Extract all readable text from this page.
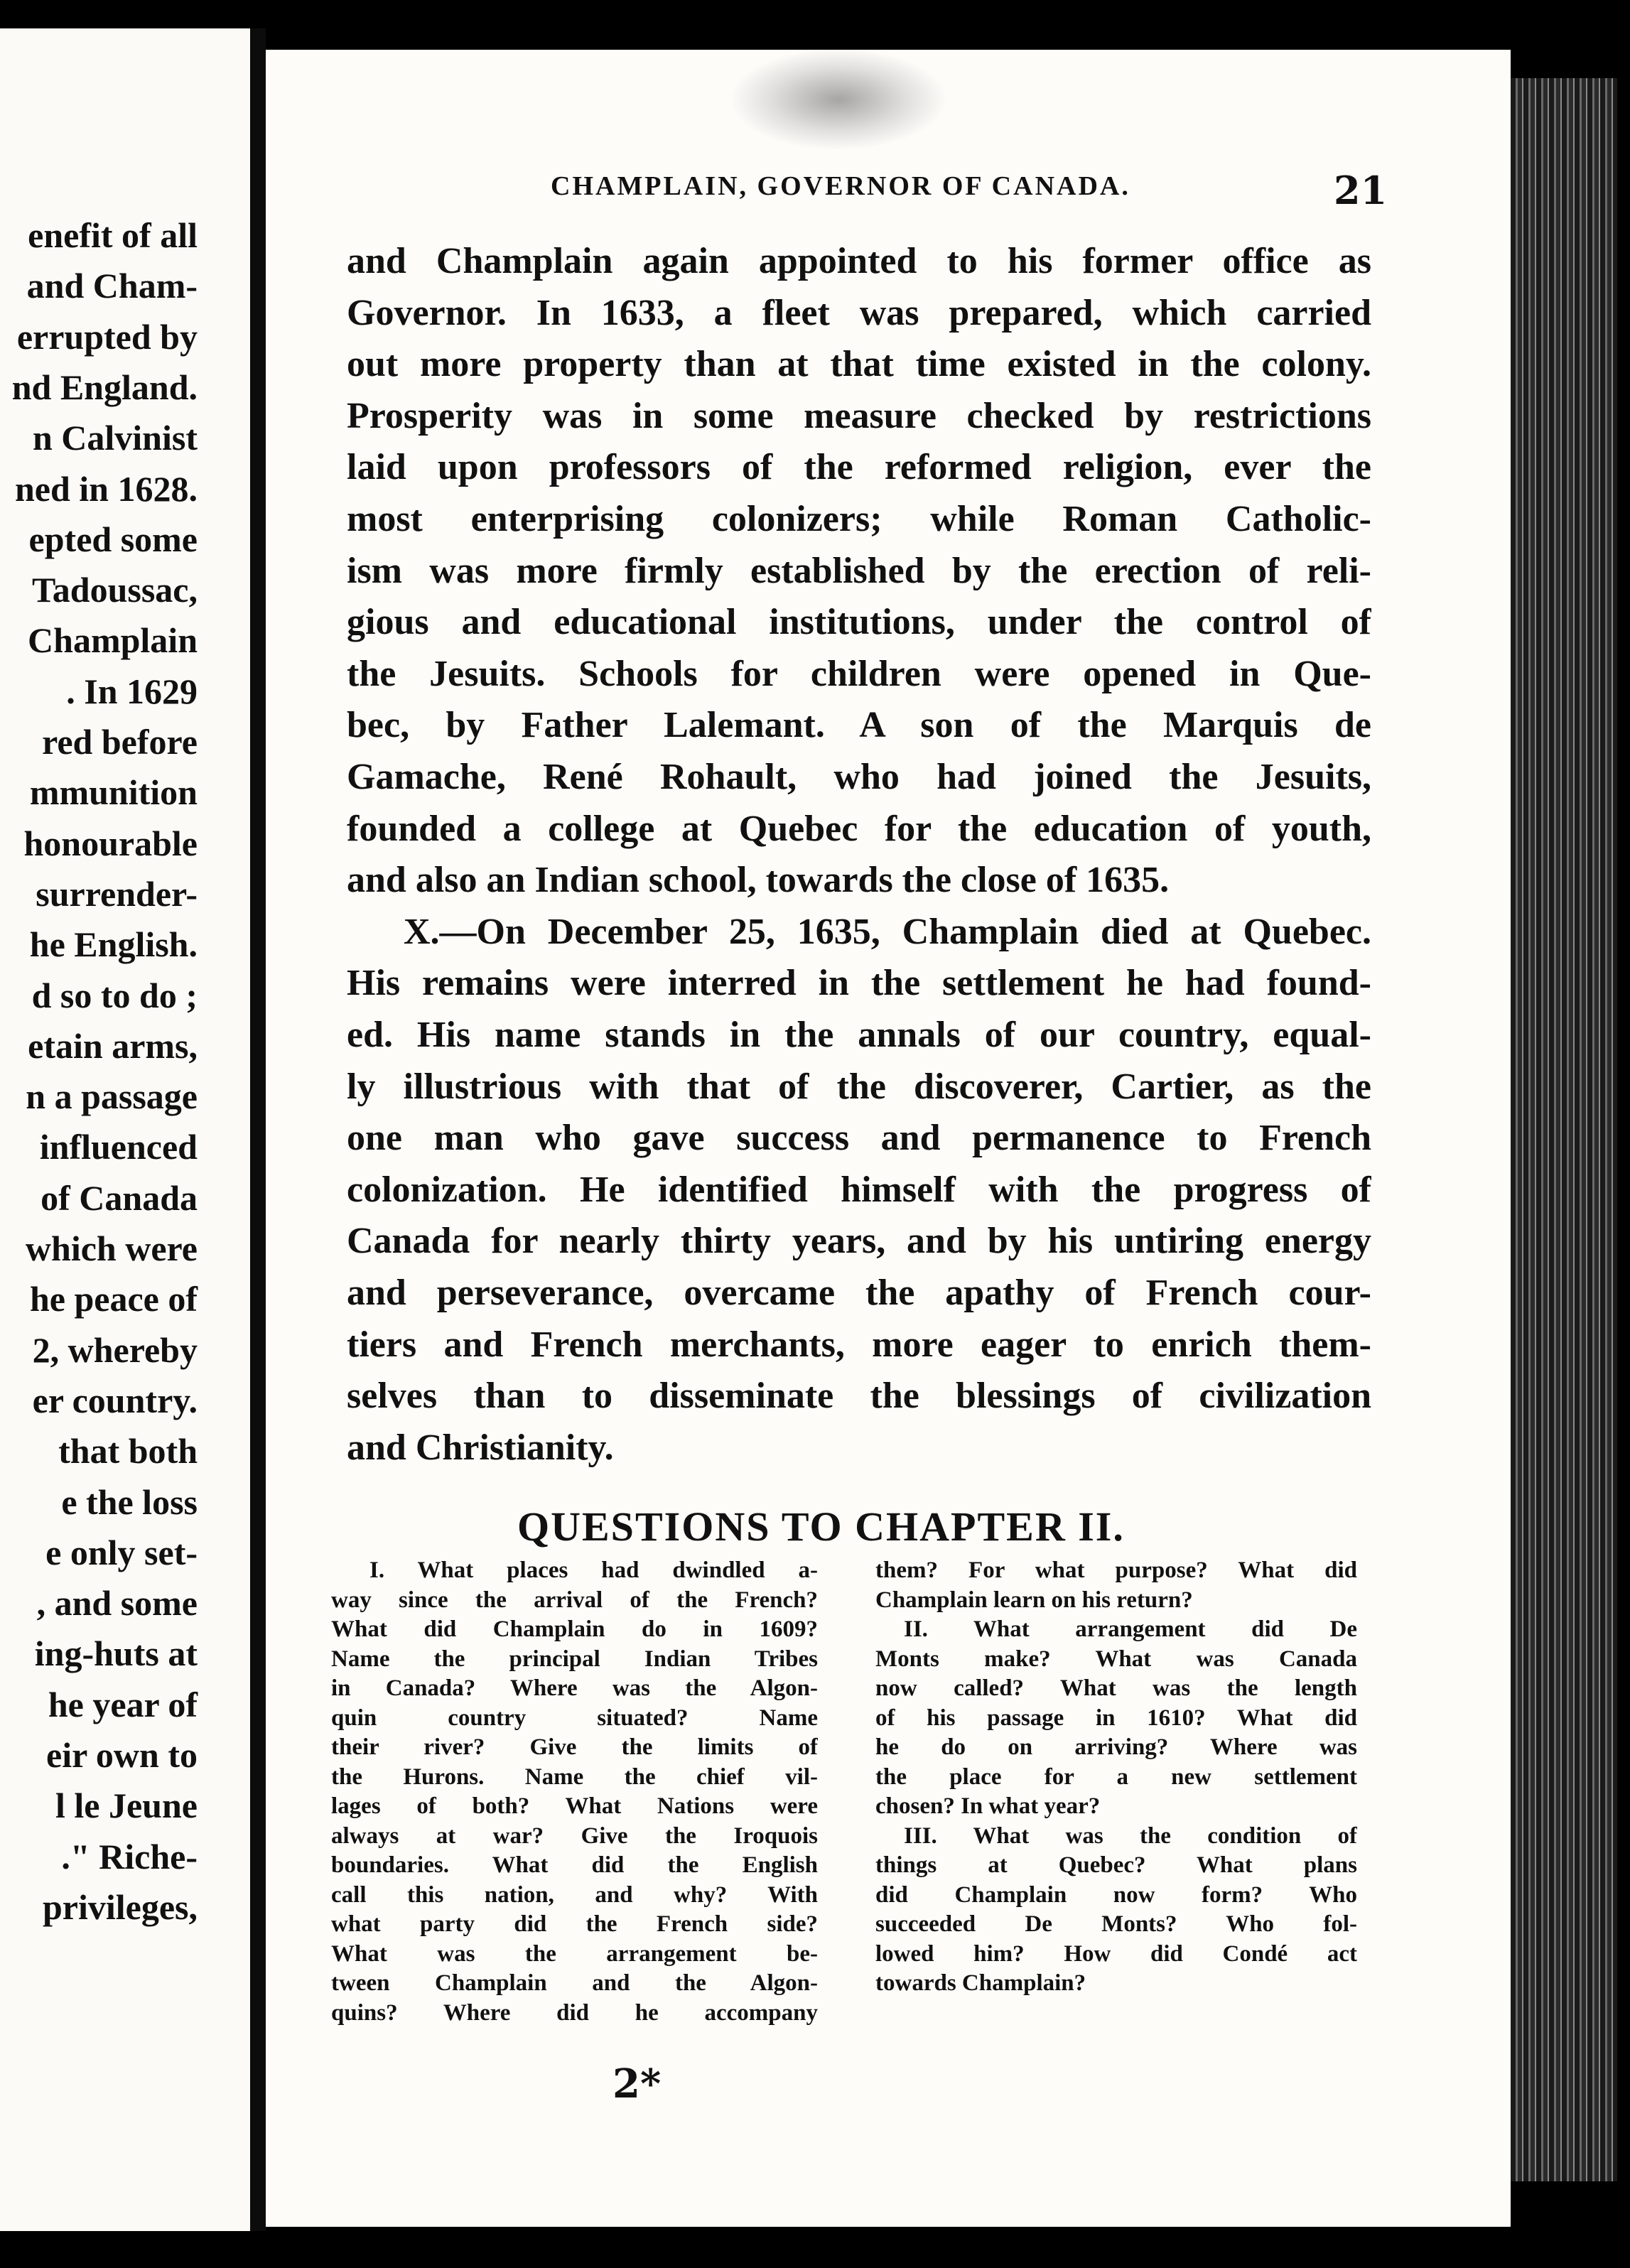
enefit of all
and Cham-
errupted by
nd England.
n Calvinist
ned in 1628.
epted some
Tadoussac,
Champlain
. In 1629
red before
mmunition
honourable
surrender-
he English.
d so to do ;
etain arms,
n a passage
influenced
of Canada
which were
he peace of
2, whereby
er country.
that both
e the loss
e only set-
, and some
ing-huts at
he year of
eir own to
l le Jeune
." Riche-
privileges,
CHAMPLAIN, GOVERNOR OF CANADA.	21
and Champlain again appointed to his former office as
Governor. In 1633, a fleet was prepared, which carried
out more property than at that time existed in the colony.
Prosperity was in some measure checked by restrictions
laid upon professors of the reformed religion, ever the
most enterprising colonizers; while Roman Catholic-
ism was more firmly established by the erection of reli-
gious and educational institutions, under the control of
the Jesuits. Schools for children were opened in Que-
bec, by Father Lalemant. A son of the Marquis de
Gamache, René Rohault, who had joined the Jesuits,
founded a college at Quebec for the education of youth,
and also an Indian school, towards the close of 1635.
X.—On December 25, 1635, Champlain died at Quebec.
His remains were interred in the settlement he had found-
ed. His name stands in the annals of our country, equal-
ly illustrious with that of the discoverer, Cartier, as the
one man who gave success and permanence to French
colonization. He identified himself with the progress of
Canada for nearly thirty years, and by his untiring energy
and perseverance, overcame the apathy of French cour-
tiers and French merchants, more eager to enrich them-
selves than to disseminate the blessings of civilization
and Christianity.
QUESTIONS TO CHAPTER II.
I. What places had dwindled a-
way since the arrival of the French?
What did Champlain do in 1609?
Name the principal Indian Tribes
in Canada? Where was the Algon-
quin country situated? Name
their river? Give the limits of
the Hurons. Name the chief vil-
lages of both? What Nations were
always at war? Give the Iroquois
boundaries. What did the English
call this nation, and why? With
what party did the French side?
What was the arrangement be-
tween Champlain and the Algon-
quins? Where did he accompany
them? For what purpose? What did
Champlain learn on his return?
II. What arrangement did De
Monts make? What was Canada
now called? What was the length
of his passage in 1610? What did
he do on arriving? Where was
the place for a new settlement
chosen? In what year?
III. What was the condition of
things at Quebec? What plans
did Champlain now form? Who
succeeded De Monts? Who fol-
lowed him? How did Condé act
towards Champlain?
2*
